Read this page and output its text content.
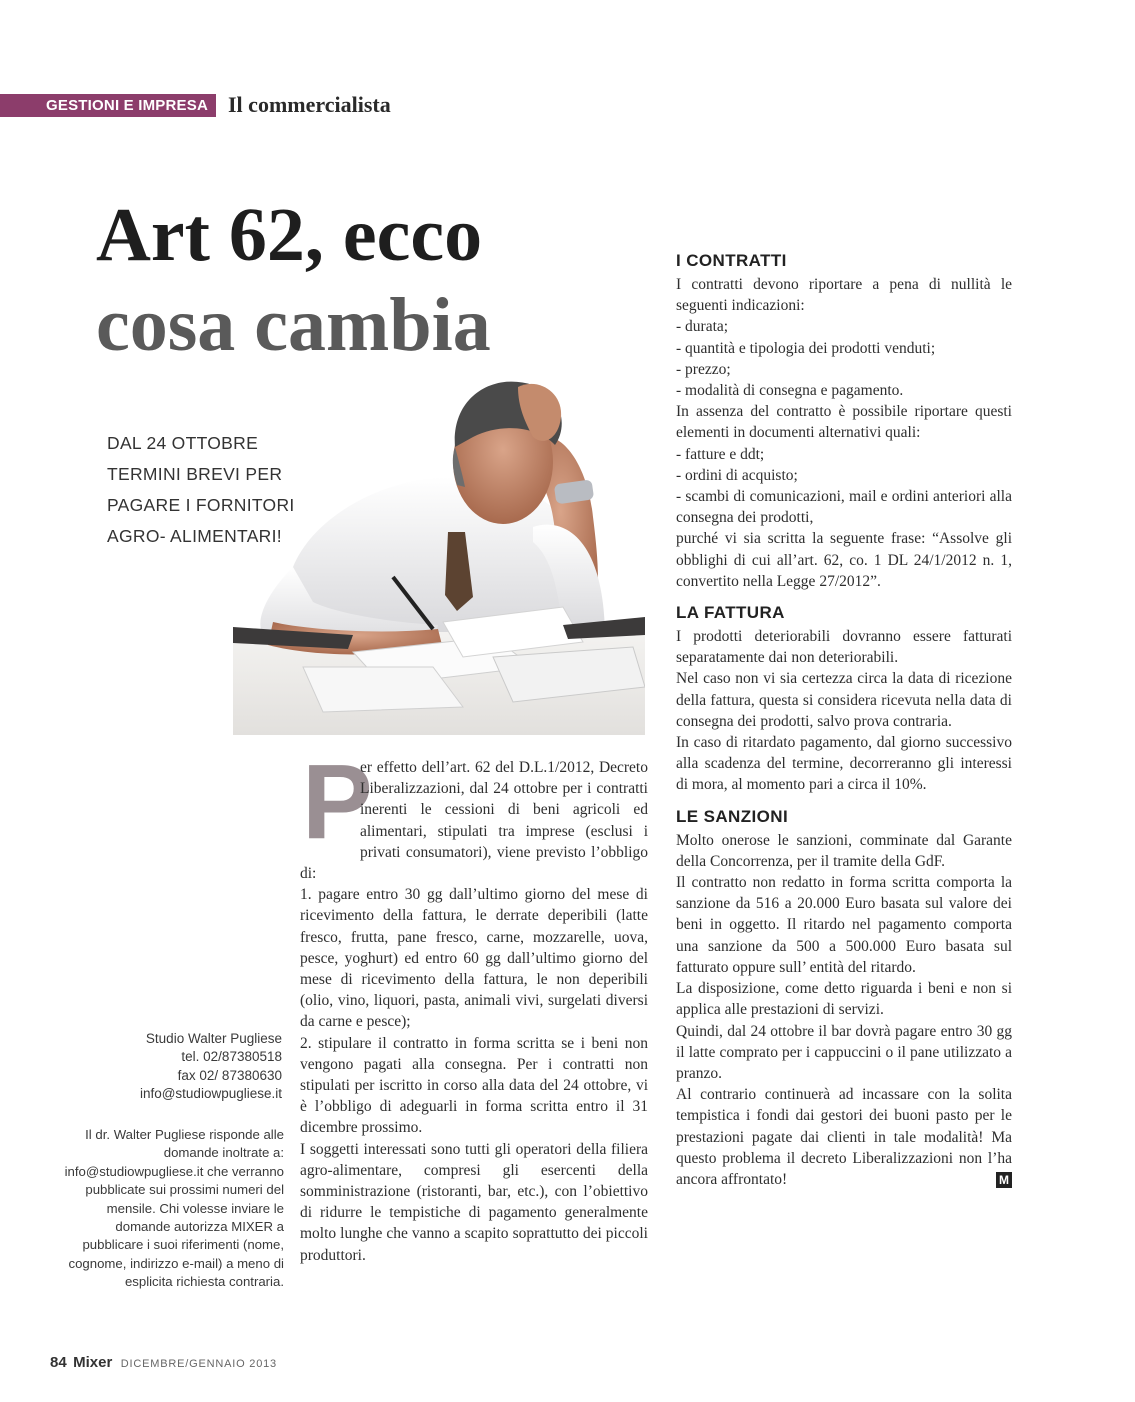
GESTIONI E IMPRESA Il commercialista
Art 62, ecco
cosa cambia
DAL 24 OTTOBRE
TERMINI BREVI PER
PAGARE I FORNITORI
AGRO- ALIMENTARI!
P

er effetto dell’art. 62 del D.L.1/2012, Decreto Liberalizzazioni, dal 24 ottobre per i contratti inerenti le cessioni di beni agricoli ed alimentari, stipulati tra imprese (esclusi i privati consumatori), viene previsto l’obbligo di:

1. pagare entro 30 gg dall’ultimo giorno del mese di ricevimento della fattura, le derrate deperibili (latte fresco, frutta, pane fresco, carne, mozzarelle, uova, pesce, yoghurt) ed entro 60 gg dall’ultimo giorno del mese di ricevimento della fattura, le non deperibili (olio, vino, liquori, pasta, animali vivi, surgelati diversi da carne e pesce);

2. stipulare il contratto in forma scritta se i beni non vengono pagati alla consegna. Per i contratti non stipulati per iscritto in corso alla data del 24 ottobre, vi è l’obbligo di adeguarli in forma scritta entro il 31 dicembre prossimo.

I soggetti interessati sono tutti gli operatori della filiera agro-alimentare, compresi gli esercenti della somministrazione (ristoranti, bar, etc.), con l’obiettivo di ridurre le tempistiche di pagamento generalmente molto lunghe che vanno a scapito soprattutto dei piccoli produttori.

I CONTRATTI

I contratti devono riportare a pena di nullità le seguenti indicazioni:

- durata;

- quantità e tipologia dei prodotti venduti;

- prezzo;

- modalità di consegna e pagamento.

In assenza del contratto è possibile riportare questi elementi in documenti alternativi quali:

- fatture e ddt;

- ordini di acquisto;

- scambi di comunicazioni, mail e ordini anteriori alla consegna dei prodotti,

purché vi sia scritta la seguente frase: “Assolve gli obblighi di cui all’art. 62, co. 1 DL 24/1/2012 n. 1, convertito nella Legge 27/2012”.

LA FATTURA

I prodotti deteriorabili dovranno essere fatturati separatamente dai non deteriorabili.

Nel caso non vi sia certezza circa la data di ricezione della fattura, questa si considera ricevuta nella data di consegna dei prodotti, salvo prova contraria.

In caso di ritardato pagamento, dal giorno successivo alla scadenza del termine, decorreranno gli interessi di mora, al momento pari a circa il 10%.

LE SANZIONI

Molto onerose le sanzioni, comminate dal Garante della Concorrenza, per il tramite della GdF.

Il contratto non redatto in forma scritta comporta la sanzione da 516 a 20.000 Euro basata sul valore dei beni in oggetto. Il ritardo nel pagamento comporta una sanzione da 500 a 500.000 Euro basata sul fatturato oppure sull’ entità del ritardo.

La disposizione, come detto riguarda i beni e non si applica alle prestazioni di servizi.

Quindi, dal 24 ottobre il bar dovrà pagare entro 30 gg il latte comprato per i cappuccini o il pane utilizzato a pranzo.

Al contrario continuerà ad incassare con la solita tempistica i fondi dai gestori dei buoni pasto per le prestazioni pagate dai clienti in tale modalità! Ma questo problema il decreto Liberalizzazioni non l’ha ancora affrontato!	M

Studio Walter Pugliese
tel. 02/87380518
fax 02/ 87380630
info@studiowpugliese.it
Il dr. Walter Pugliese risponde alle domande inoltrate a: info@studiowpugliese.it che verranno pubblicate sui prossimi numeri del mensile. Chi volesse inviare le domande autorizza MIXER a pubblicare i suoi riferimenti (nome, cognome, indirizzo e-mail) a meno di esplicita richiesta contraria.
84 Mixer DICEMBRE/GENNAIO 2013
